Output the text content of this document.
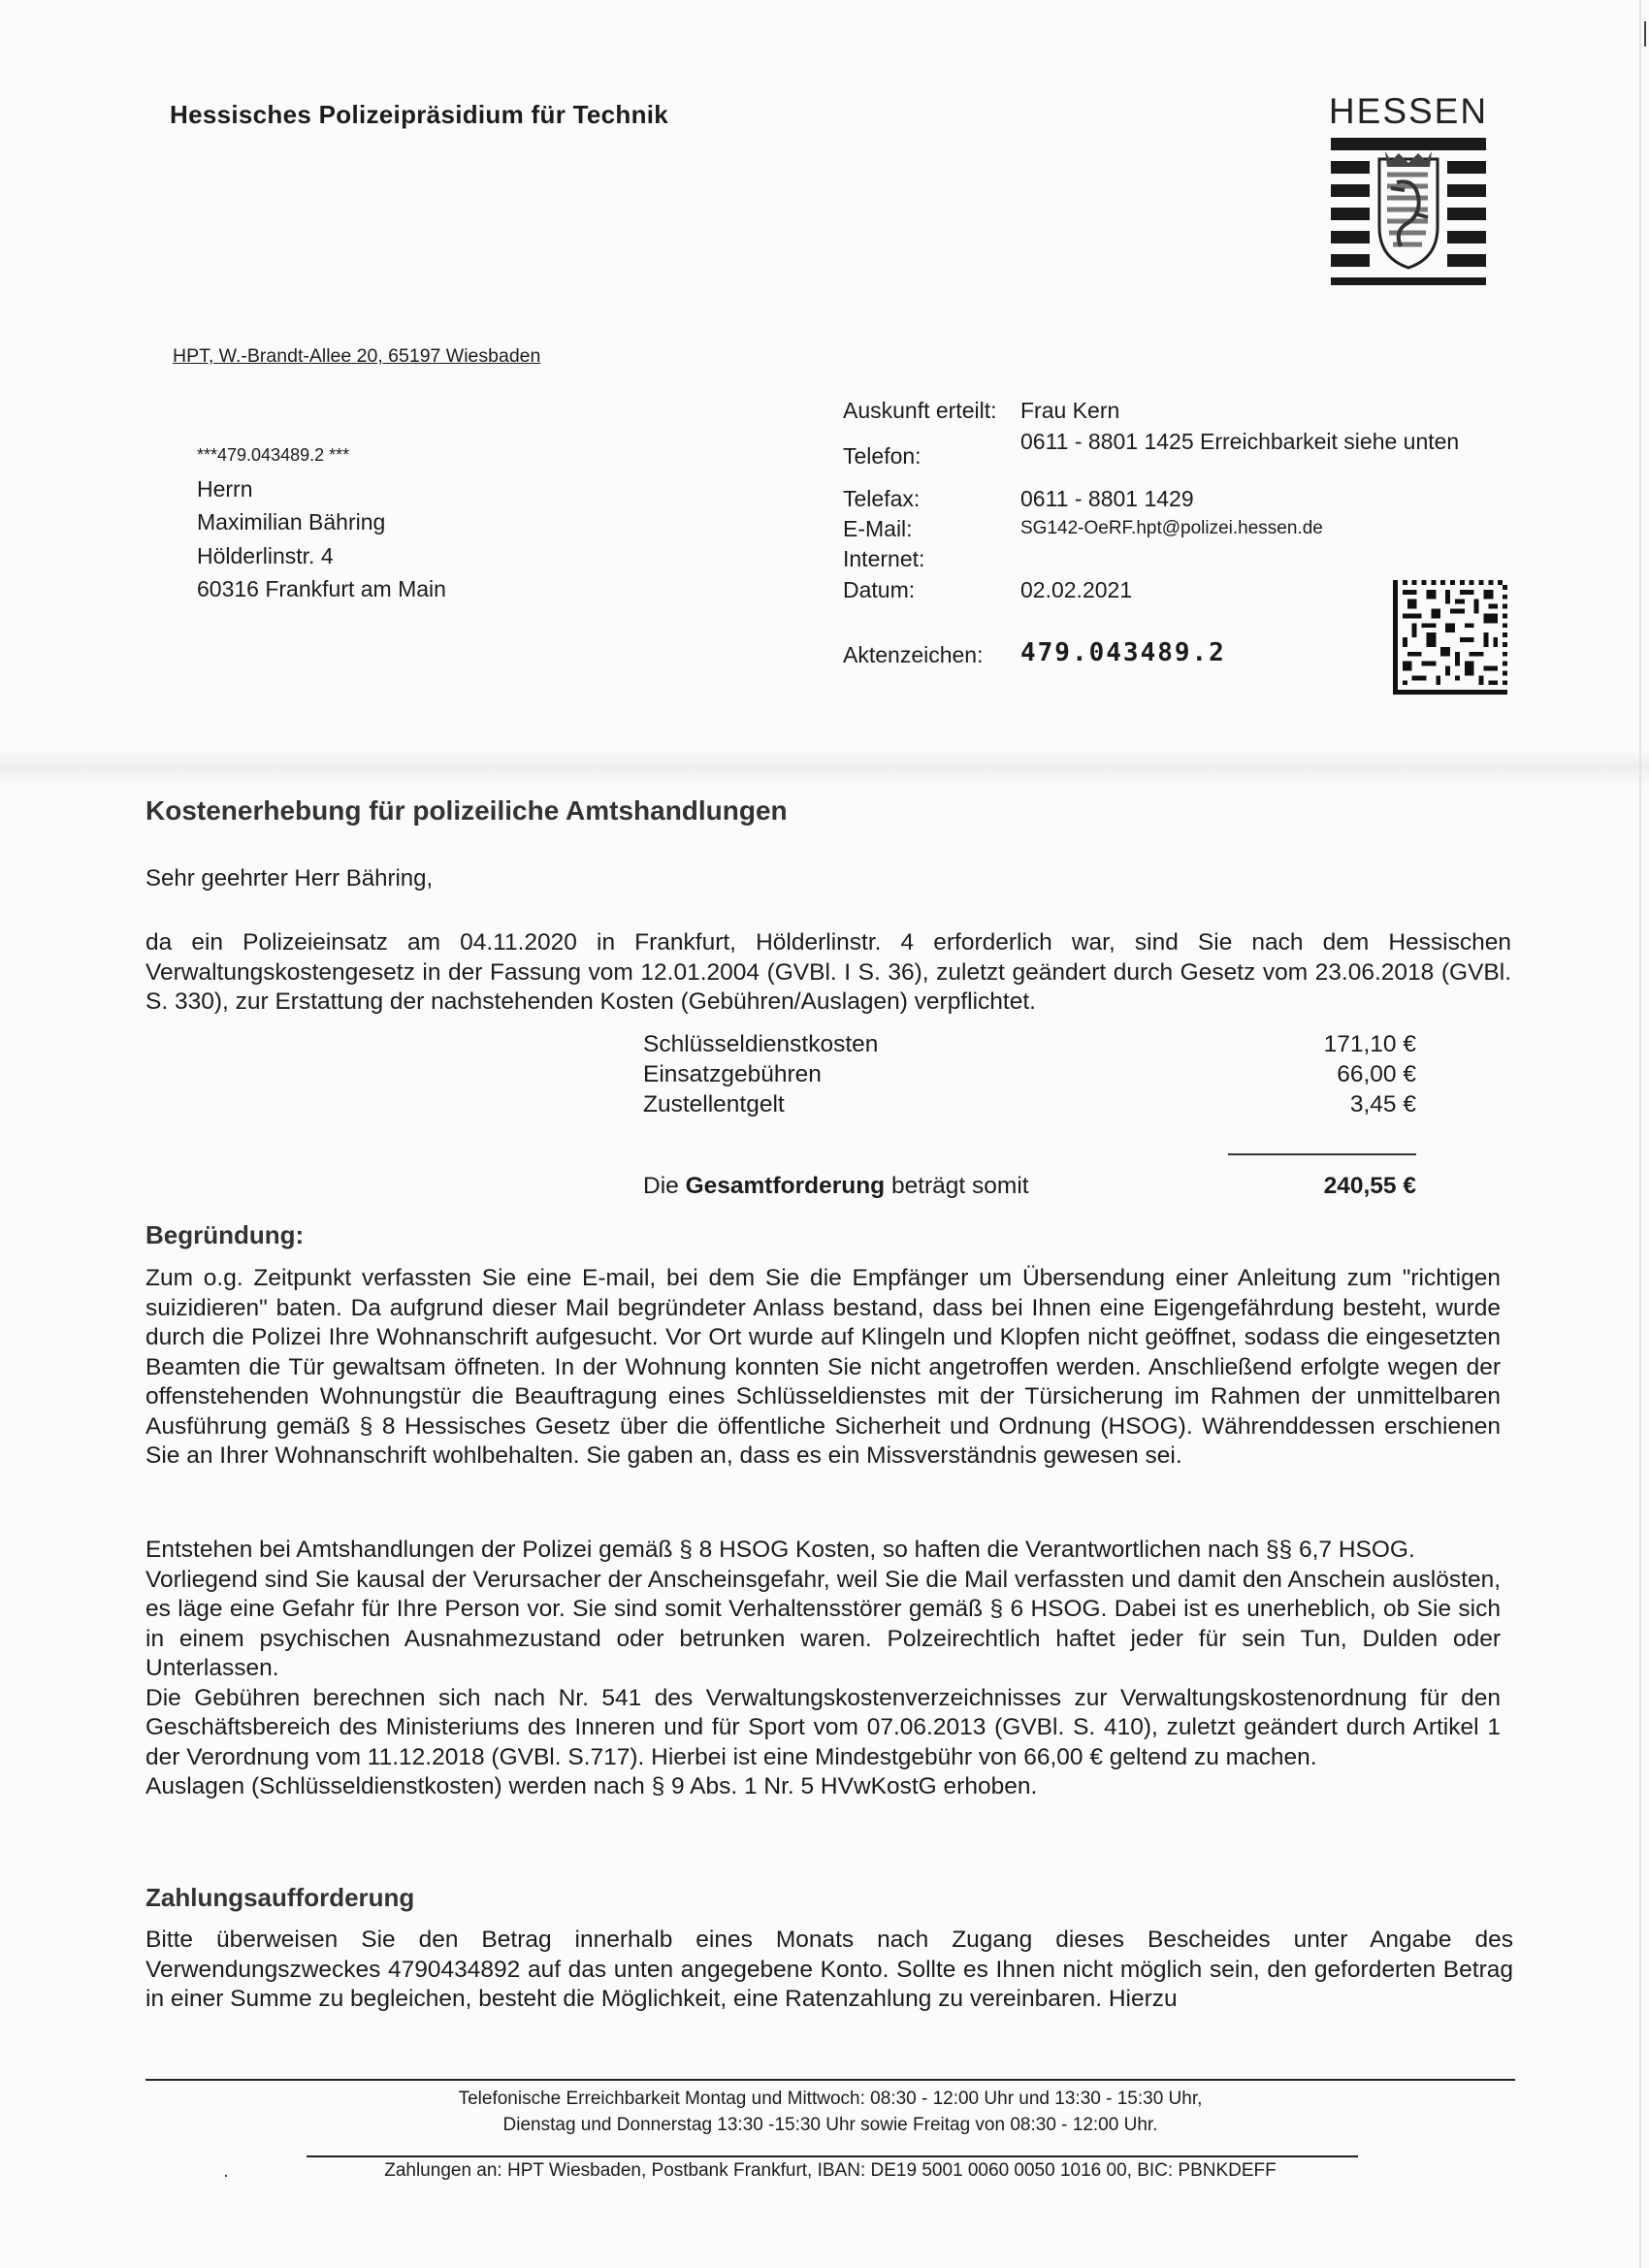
Hessisches Polizeipräsidium für Technik	HESSEN
HPT, W.-Brandt-Allee 20, 65197 Wiesbaden
***479.043489.2 ***
Herrn
Maximilian Bähring
Hölderlinstr. 4
60316 Frankfurt am Main
Auskunft erteilt: Frau Kern
Telefon:
0611 - 8801 1425 Erreichbarkeit siehe unten
Telefax:	0611 - 8801 1429
E-Mail:	SG142-OeRF.hpt@polizei.hessen.de
Internet:
Datum:	02.02.2021
Aktenzeichen: 479.043489.2
Kostenerhebung für polizeiliche Amtshandlungen
Sehr geehrter Herr Bähring,
da ein Polizeieinsatz am 04.11.2020 in Frankfurt, Hölderlinstr. 4 erforderlich war, sind Sie nach dem Hessischen Verwaltungskostengesetz in der Fassung vom 12.01.2004 (GVBl. I S. 36), zuletzt geändert durch Gesetz vom 23.06.2018 (GVBl. S. 330), zur Erstattung der nachstehenden Kosten (Gebühren/Auslagen) verpflichtet.
Schlüsseldienstkosten	171,10 €
Einsatzgebühren	66,00 €
Zustellentgelt	3,45 €
Die Gesamtforderung beträgt somit	240,55 €
Begründung:
Zum o.g. Zeitpunkt verfassten Sie eine E-mail, bei dem Sie die Empfänger um Übersendung einer Anleitung zum "richtigen suizidieren" baten. Da aufgrund dieser Mail begründeter Anlass bestand, dass bei Ihnen eine Eigengefährdung besteht, wurde durch die Polizei Ihre Wohnanschrift aufgesucht. Vor Ort wurde auf Klingeln und Klopfen nicht geöffnet, sodass die eingesetzten Beamten die Tür gewaltsam öffneten. In der Wohnung konnten Sie nicht angetroffen werden. Anschließend erfolgte wegen der offenstehenden Wohnungstür die Beauftragung eines Schlüsseldienstes mit der Türsicherung im Rahmen der unmittelbaren Ausführung gemäß § 8 Hessisches Gesetz über die öffentliche Sicherheit und Ordnung (HSOG). Währenddessen erschienen Sie an Ihrer Wohnanschrift wohlbehalten. Sie gaben an, dass es ein Missverständnis gewesen sei.
Entstehen bei Amtshandlungen der Polizei gemäß § 8 HSOG Kosten, so haften die Verantwortlichen nach §§ 6,7 HSOG.
Vorliegend sind Sie kausal der Verursacher der Anscheinsgefahr, weil Sie die Mail verfassten und damit den Anschein auslösten, es läge eine Gefahr für Ihre Person vor. Sie sind somit Verhaltensstörer gemäß § 6 HSOG. Dabei ist es unerheblich, ob Sie sich in einem psychischen Ausnahmezustand oder betrunken waren. Polzeirechtlich haftet jeder für sein Tun, Dulden oder Unterlassen.
Die Gebühren berechnen sich nach Nr. 541 des Verwaltungskostenverzeichnisses zur Verwaltungskostenordnung für den Geschäftsbereich des Ministeriums des Inneren und für Sport vom 07.06.2013 (GVBl. S. 410), zuletzt geändert durch Artikel 1 der Verordnung vom 11.12.2018 (GVBl. S.717). Hierbei ist eine Mindestgebühr von 66,00 € geltend zu machen.
Auslagen (Schlüsseldienstkosten) werden nach § 9 Abs. 1 Nr. 5 HVwKostG erhoben.
Zahlungsaufforderung
Bitte überweisen Sie den Betrag innerhalb eines Monats nach Zugang dieses Bescheides unter Angabe des Verwendungszweckes 4790434892 auf das unten angegebene Konto. Sollte es Ihnen nicht möglich sein, den geforderten Betrag in einer Summe zu begleichen, besteht die Möglichkeit, eine Ratenzahlung zu vereinbaren. Hierzu
Telefonische Erreichbarkeit Montag und Mittwoch: 08:30 - 12:00 Uhr und 13:30 - 15:30 Uhr,
Dienstag und Donnerstag 13:30 -15:30 Uhr sowie Freitag von 08:30 - 12:00 Uhr.
Zahlungen an: HPT Wiesbaden, Postbank Frankfurt, IBAN: DE19 5001 0060 0050 1016 00, BIC: PBNKDEFF
·
